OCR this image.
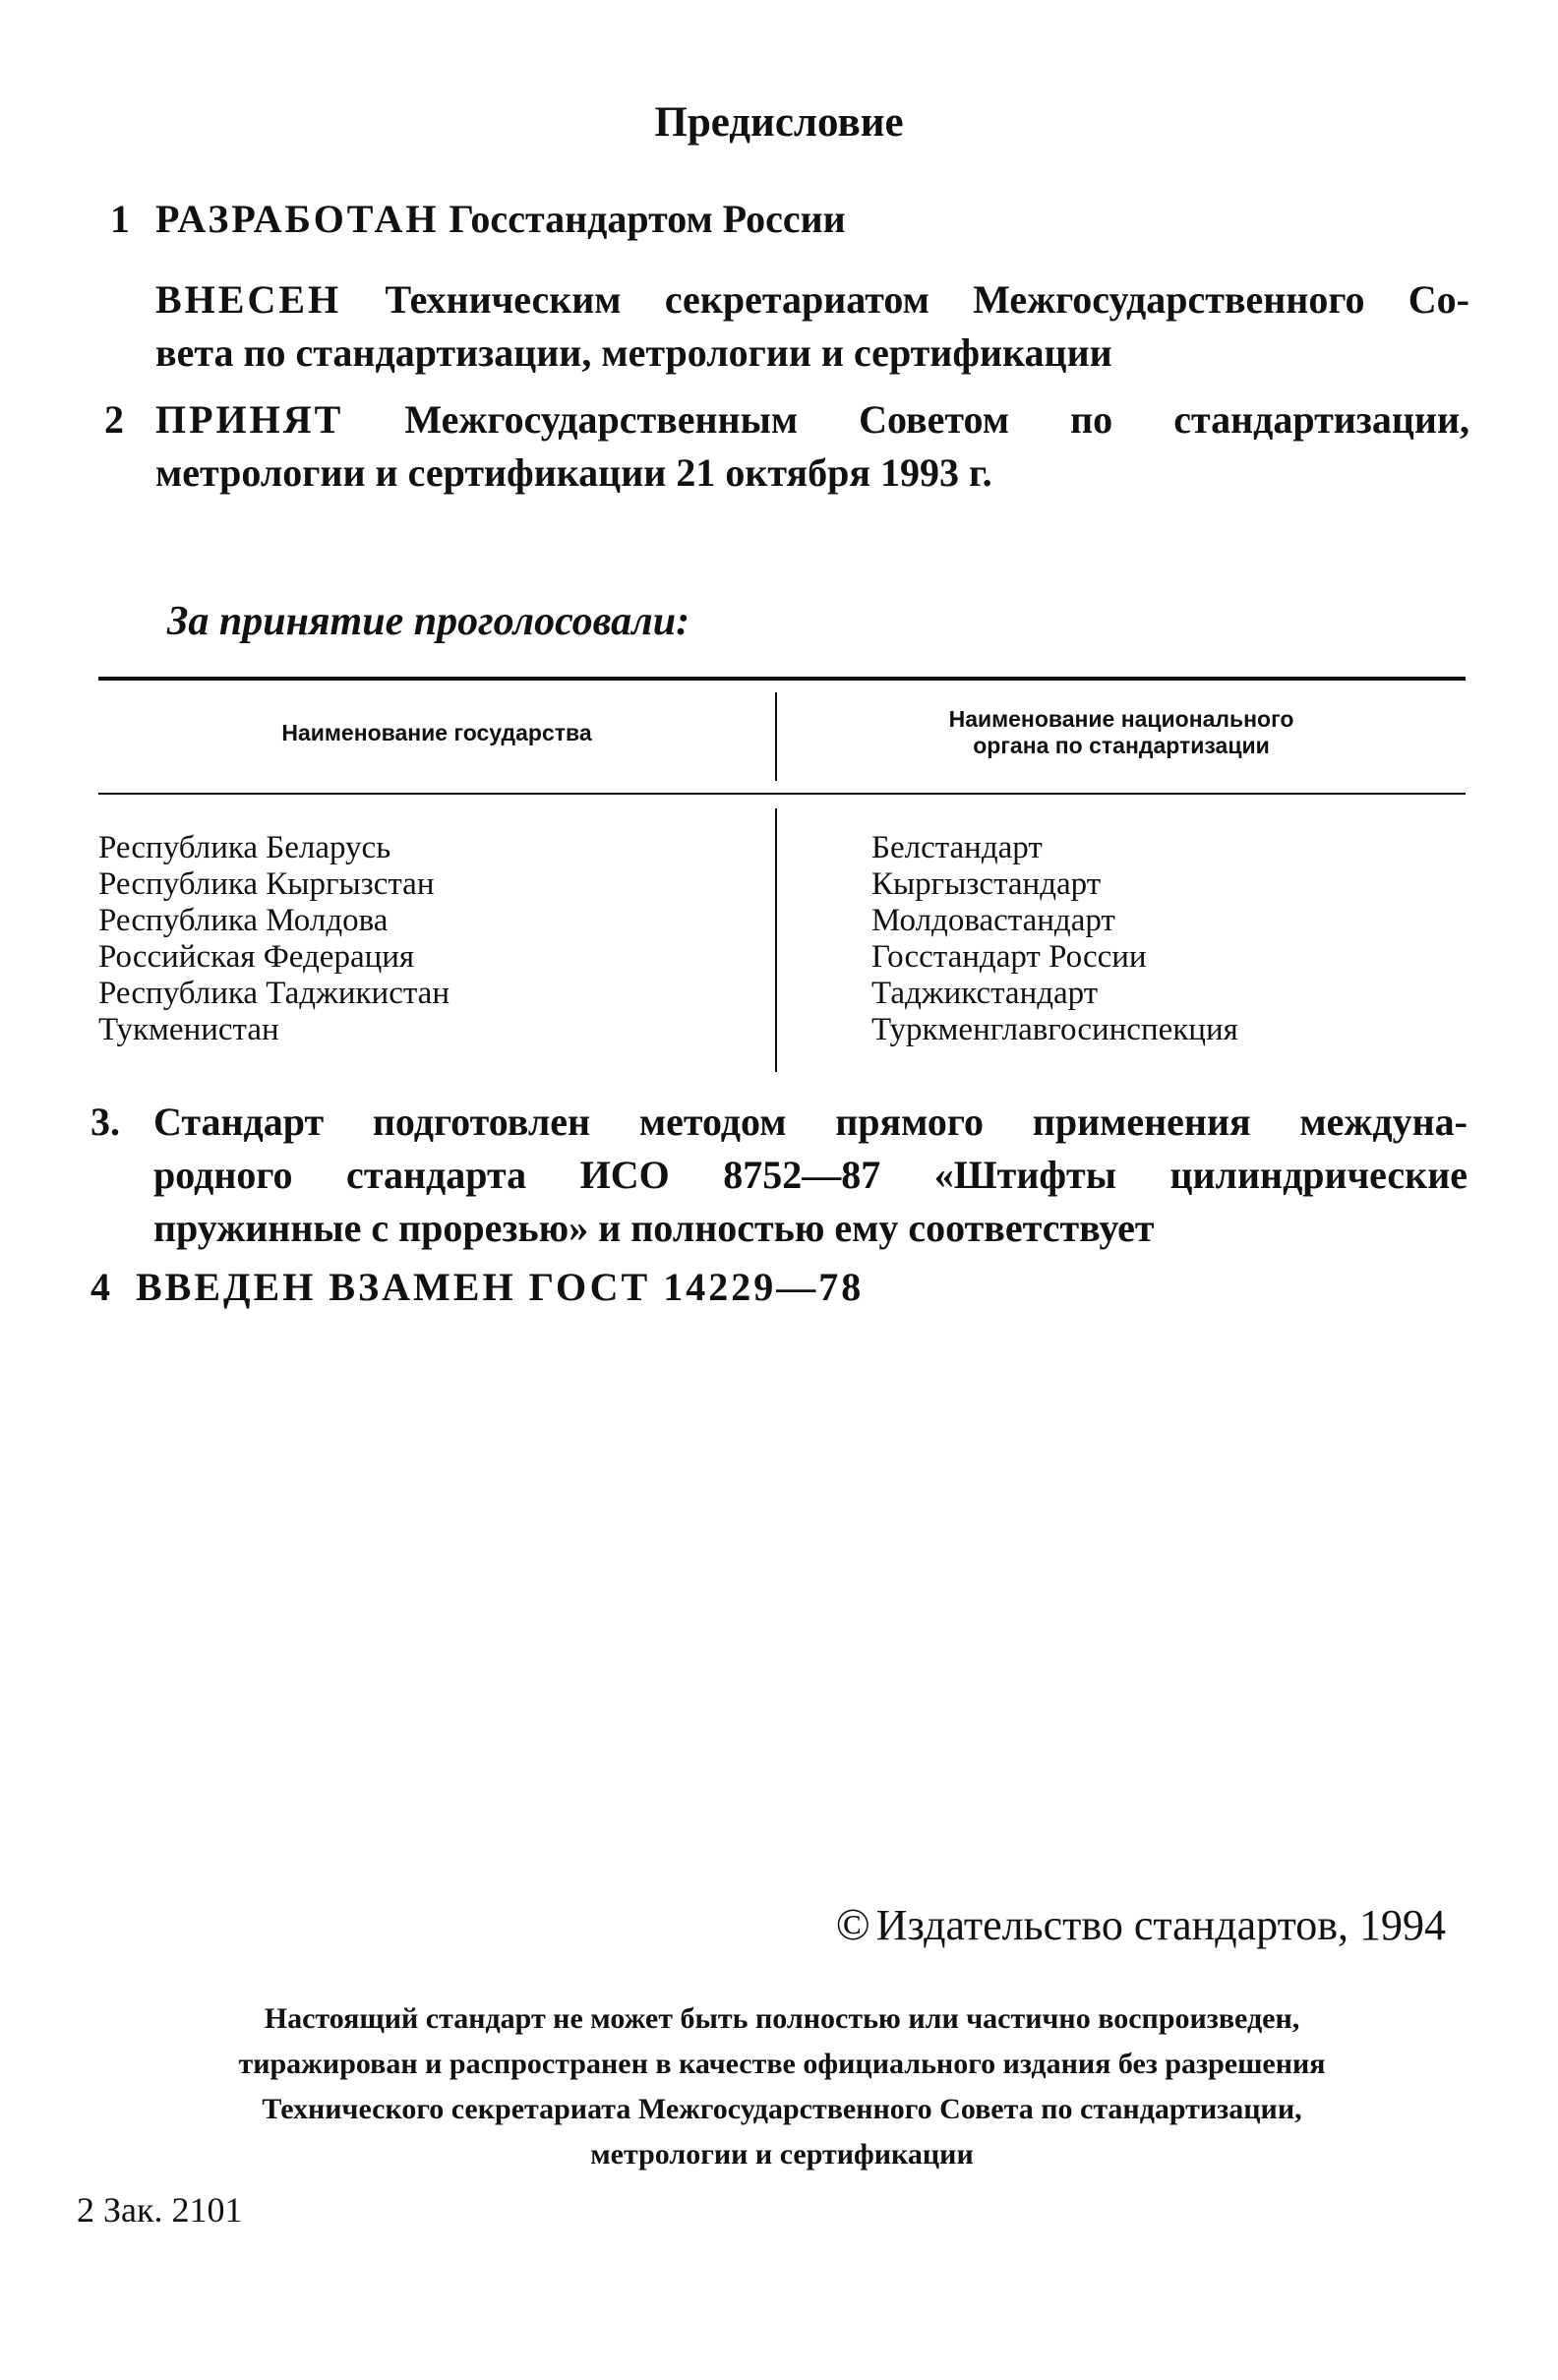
Предисловие
1 РАЗРАБОТАН Госстандартом России
ВНЕСЕН Техническим секретариатом Межгосударственного Со-
вета по стандартизации, метрологии и сертификации
2 ПРИНЯТ Межгосударственным Советом по стандартизации,
метрологии и сертификации 21 октября 1993 г.
За принятие проголосовали:
Наименование государства
Наименование национального
органа по стандартизации
Республика Беларусь
Республика Кыргызстан
Республика Молдова
Российская Федерация
Республика Таджикистан
Тукменистан
Белстандарт
Кыргызстандарт
Молдовастандарт
Госстандарт России
Таджикстандарт
Туркменглавгосинспекция
3. Стандарт подготовлен методом прямого применения междуна-
родного стандарта ИСО 8752—87 «Штифты цилиндрические
пружинные с прорезью» и полностью ему соответствует
4 ВВЕДЕН ВЗАМЕН ГОСТ 14229—78
© Издательство стандартов, 1994
Настоящий стандарт не может быть полностью или частично воспроизведен,
тиражирован и распространен в качестве официального издания без разрешения
Технического секретариата Межгосударственного Совета по стандартизации,
метрологии и сертификации
2 Зак. 2101
